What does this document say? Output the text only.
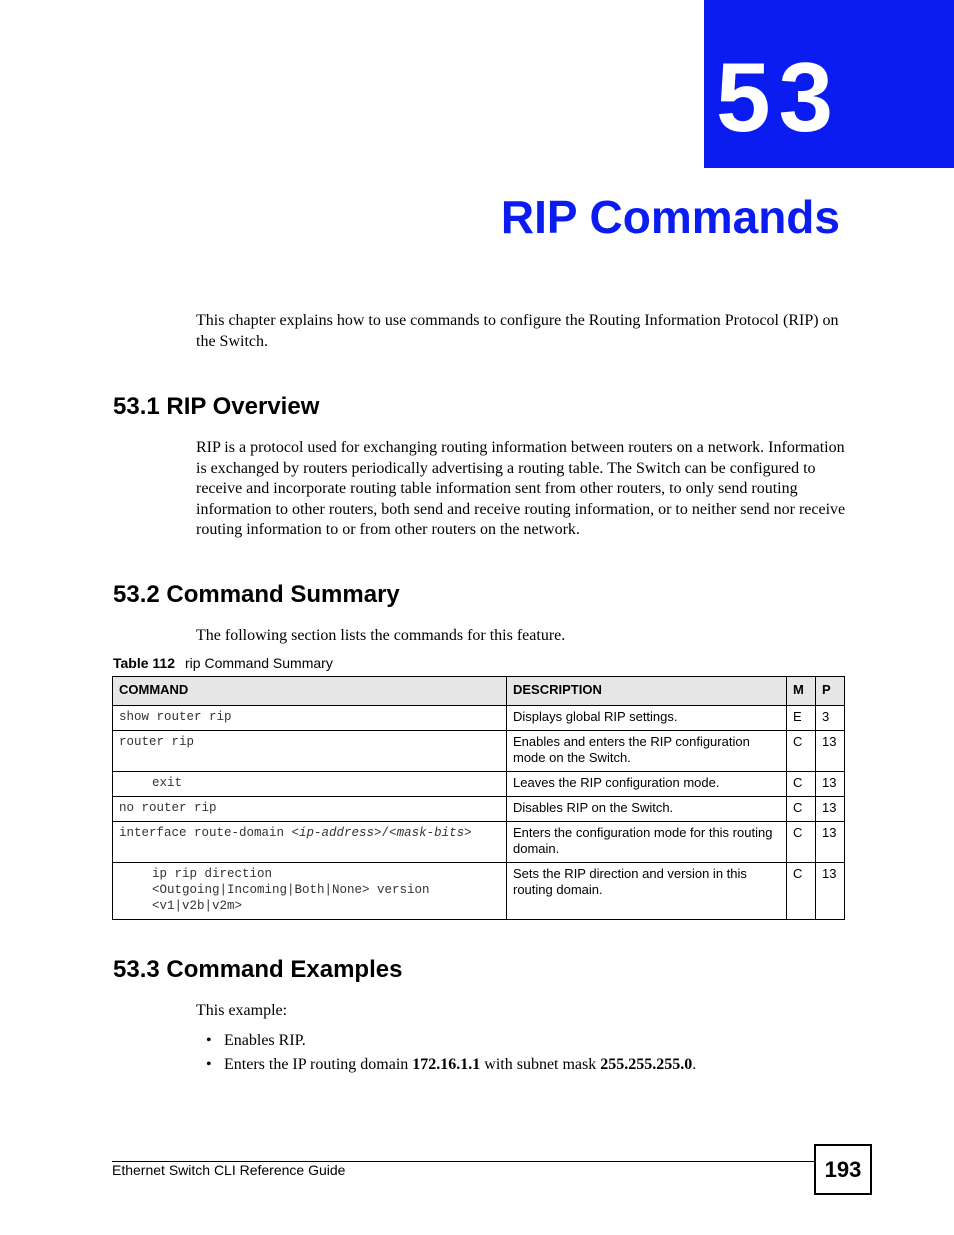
53
RIP Commands

This chapter explains how to use commands to configure the Routing Information Protocol (RIP) on the Switch.

53.1 RIP Overview

RIP is a protocol used for exchanging routing information between routers on a network. Information is exchanged by routers periodically advertising a routing table. The Switch can be configured to receive and incorporate routing table information sent from other routers, to only send routing information to other routers, both send and receive routing information, or to neither send nor receive routing information to or from other routers on the network.

53.2 Command Summary

The following section lists the commands for this feature.

Table 112 rip Command Summary
COMMAND	DESCRIPTION	M	P
show router rip	Displays global RIP settings.	E	3
router rip	Enables and enters the RIP configuration mode on the Switch.	C	13
exit	Leaves the RIP configuration mode.	C	13
no router rip	Disables RIP on the Switch.	C	13
interface route-domain <ip-address>/<mask-bits>	Enters the configuration mode for this routing domain.	C	13

ip rip direction
<Outgoing|Incoming|Both|None> version
<v1|v2b|v2m>	Sets the RIP direction and version in this routing domain.	C	13
53.3 Command Examples

This example:

• Enables RIP.
• Enters the IP routing domain 172.16.1.1 with subnet mask 255.255.255.0.
Ethernet Switch CLI Reference Guide	193
